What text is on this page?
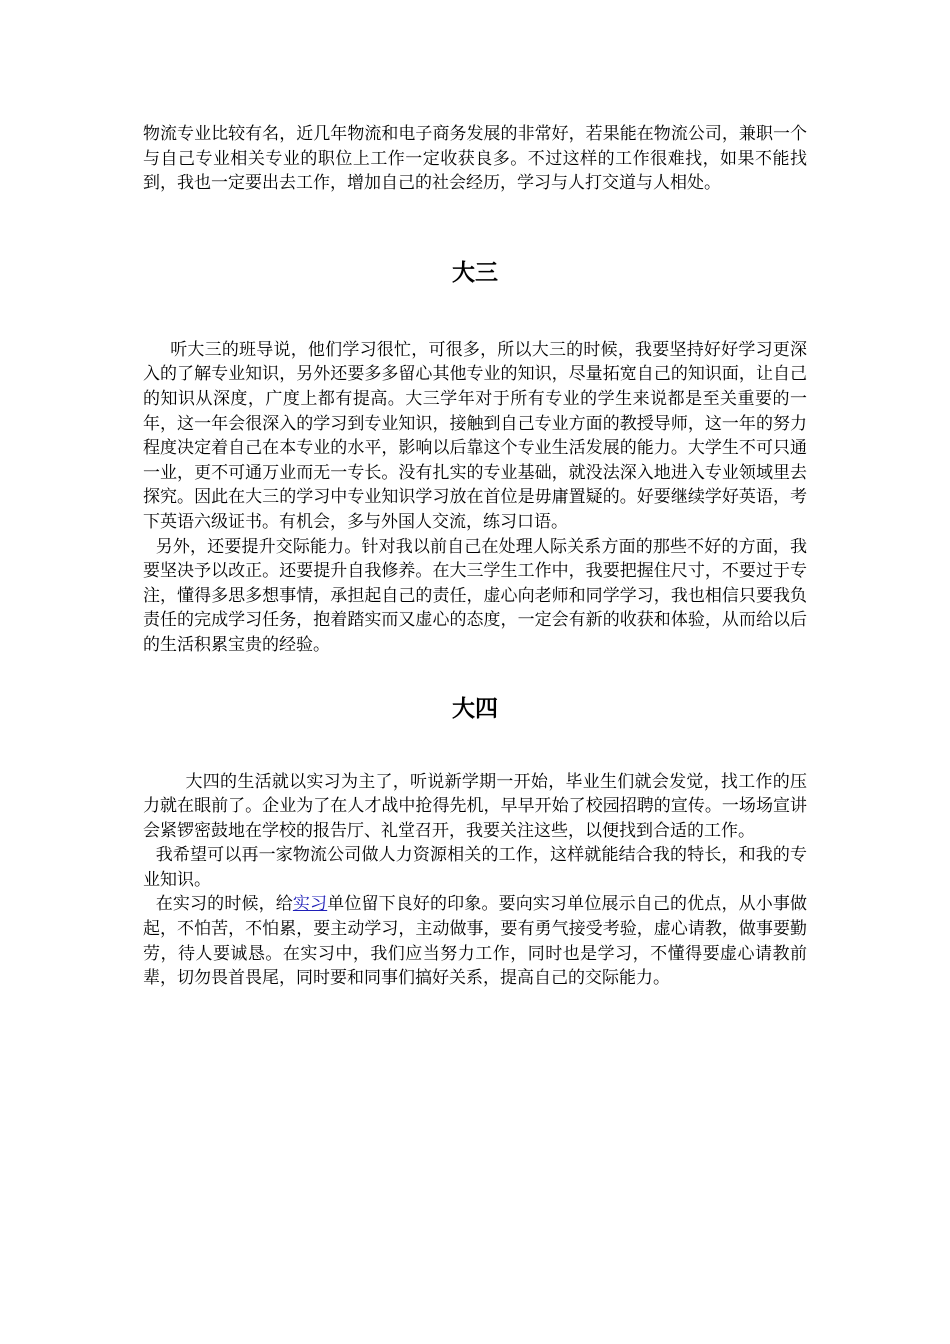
物流专业比较有名，近几年物流和电子商务发展的非常好，若果能在物流公司，兼职一个与自己专业相关专业的职位上工作一定收获良多。不过这样的工作很难找，如果不能找到，我也一定要出去工作，增加自己的社会经历，学习与人打交道与人相处。

大三

听大三的班导说，他们学习很忙，可很多，所以大三的时候，我要坚持好好学习更深入的了解专业知识，另外还要多多留心其他专业的知识，尽量拓宽自己的知识面，让自己的知识从深度，广度上都有提高。大三学年对于所有专业的学生来说都是至关重要的一年，这一年会很深入的学习到专业知识，接触到自己专业方面的教授导师，这一年的努力程度决定着自己在本专业的水平，影响以后靠这个专业生活发展的能力。大学生不可只通一业，更不可通万业而无一专长。没有扎实的专业基础，就没法深入地进入专业领域里去探究。因此在大三的学习中专业知识学习放在首位是毋庸置疑的。好要继续学好英语，考下英语六级证书。有机会，多与外国人交流，练习口语。

另外，还要提升交际能力。针对我以前自己在处理人际关系方面的那些不好的方面，我要坚决予以改正。还要提升自我修养。在大三学生工作中，我要把握住尺寸，不要过于专注，懂得多思多想事情，承担起自己的责任，虚心向老师和同学学习，我也相信只要我负责任的完成学习任务，抱着踏实而又虚心的态度，一定会有新的收获和体验，从而给以后的生活积累宝贵的经验。

大四

大四的生活就以实习为主了，听说新学期一开始，毕业生们就会发觉，找工作的压力就在眼前了。企业为了在人才战中抢得先机，早早开始了校园招聘的宣传。一场场宣讲会紧锣密鼓地在学校的报告厅、礼堂召开，我要关注这些，以便找到合适的工作。

我希望可以再一家物流公司做人力资源相关的工作，这样就能结合我的特长，和我的专业知识。

在实习的时候，给实习单位留下良好的印象。要向实习单位展示自己的优点，从小事做起，不怕苦，不怕累，要主动学习，主动做事，要有勇气接受考验，虚心请教，做事要勤劳，待人要诚恳。在实习中，我们应当努力工作，同时也是学习，不懂得要虚心请教前辈，切勿畏首畏尾，同时要和同事们搞好关系，提高自己的交际能力。
